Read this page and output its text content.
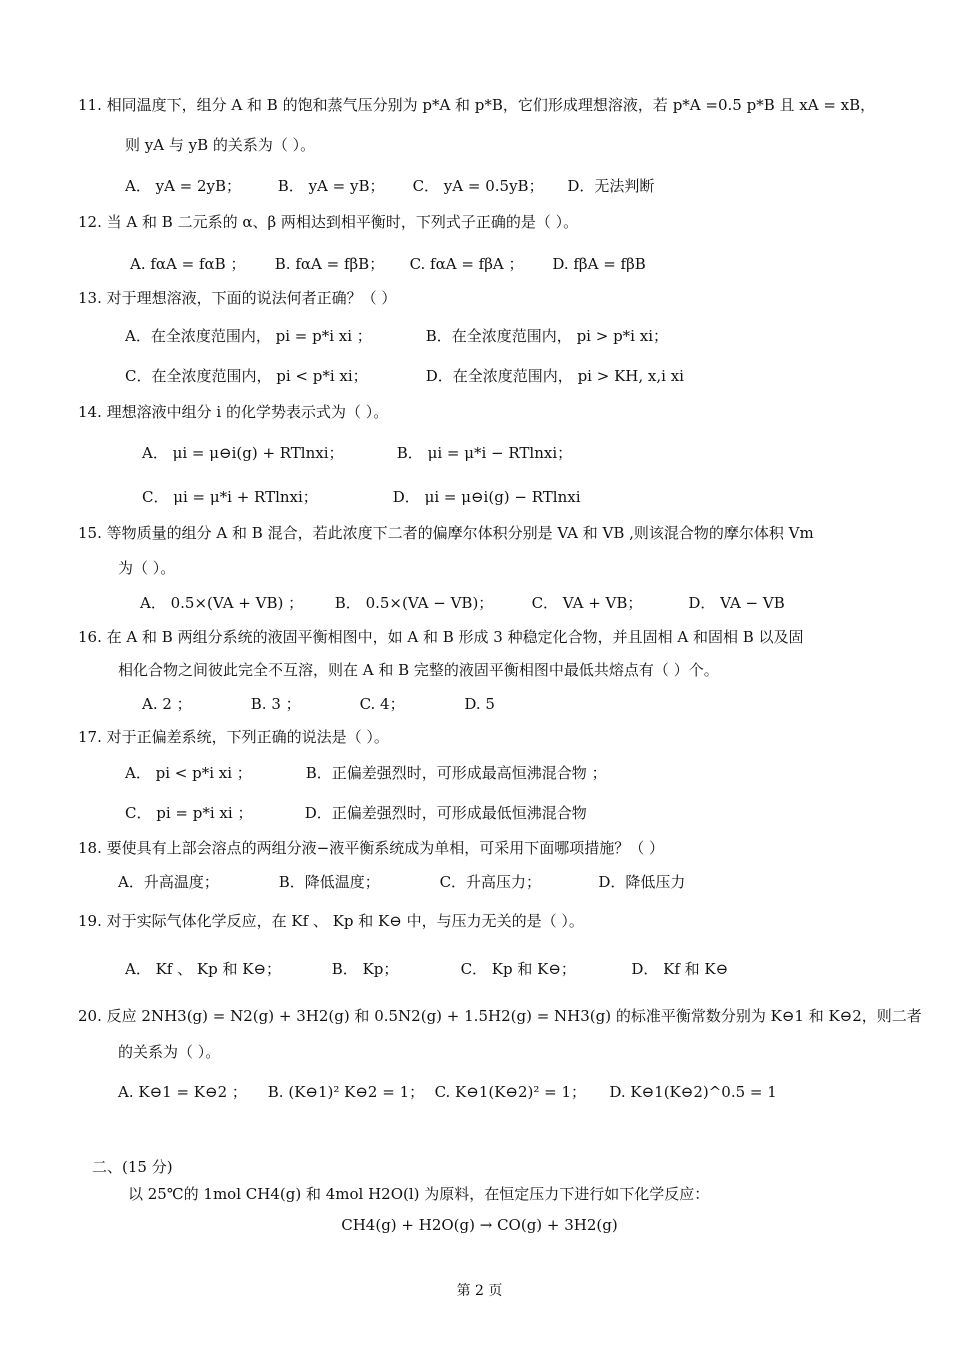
11. 相同温度下，组分 A 和 B 的饱和蒸气压分别为 p*A 和 p*B，它们形成理想溶液，若 p*A =0.5 p*B 且 xA = xB，
则 yA 与 yB 的关系为（ ）。
A． yA = 2yB； B． yA = yB； C． yA = 0.5yB； D．无法判断
12. 当 A 和 B 二元系的 α、β 两相达到相平衡时，下列式子正确的是（ ）。
A. fαA = fαB ； B. fαA = fβB； C. fαA = fβA ； D. fβA = fβB
13. 对于理想溶液，下面的说法何者正确？（ ）
A．在全浓度范围内， pi = p*i xi ；	B．在全浓度范围内， pi > p*i xi；
C．在全浓度范围内， pi < p*i xi；	D．在全浓度范围内， pi > KH, x,i xi
14. 理想溶液中组分 i 的化学势表示式为（ ）。
A． μi = μ⊖i(g) + RTlnxi；	B． μi = μ*i − RTlnxi；
C． μi = μ*i + RTlnxi；	D． μi = μ⊖i(g) − RTlnxi
15. 等物质量的组分 A 和 B 混合，若此浓度下二者的偏摩尔体积分别是 VA 和 VB ,则该混合物的摩尔体积 Vm
为（ ）。
A． 0.5×(VA + VB) ； B． 0.5×(VA − VB)；	C． VA + VB；	D． VA − VB
16. 在 A 和 B 两组分系统的液固平衡相图中，如 A 和 B 形成 3 种稳定化合物，并且固相 A 和固相 B 以及固
相化合物之间彼此完全不互溶，则在 A 和 B 完整的液固平衡相图中最低共熔点有（ ）个。
A. 2 ；	B. 3 ；	C. 4；	D. 5
17. 对于正偏差系统，下列正确的说法是（ ）。
A． pi < p*i xi ；	B．正偏差强烈时，可形成最高恒沸混合物 ；
C． pi = p*i xi ；	D．正偏差强烈时，可形成最低恒沸混合物
18. 要使具有上部会溶点的两组分液−液平衡系统成为单相，可采用下面哪项措施？（ ）
A．升高温度；	B．降低温度；	C．升高压力；	D．降低压力
19. 对于实际气体化学反应，在 Kf 、 Kp 和 K⊖ 中，与压力无关的是（ ）。
A． Kf 、 Kp 和 K⊖；	B． Kp；	C． Kp 和 K⊖；	D． Kf 和 K⊖
20. 反应 2NH3(g) = N2(g) + 3H2(g) 和 0.5N2(g) + 1.5H2(g) = NH3(g) 的标准平衡常数分别为 K⊖1 和 K⊖2，则二者
的关系为（ ）。
A. K⊖1 = K⊖2 ； B. (K⊖1)² K⊖2 = 1； C. K⊖1(K⊖2)² = 1； D. K⊖1(K⊖2)^0.5 = 1
二、(15 分)
以 25℃的 1mol CH4(g) 和 4mol H2O(l) 为原料，在恒定压力下进行如下化学反应：
CH4(g) + H2O(g) → CO(g) + 3H2(g)
第 2 页
